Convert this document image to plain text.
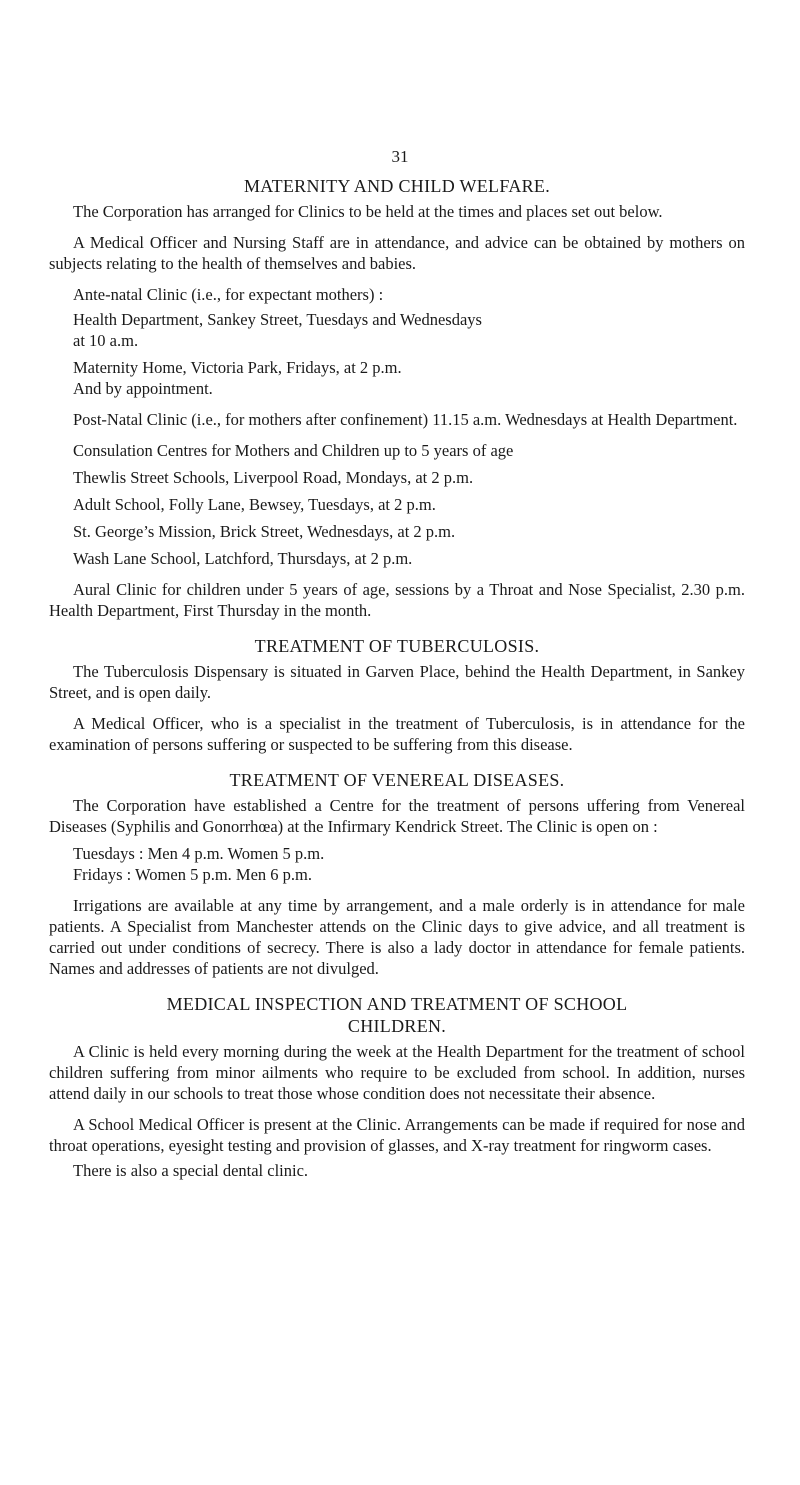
31
MATERNITY AND CHILD WELFARE.

The Corporation has arranged for Clinics to be held at the times and places set out below.

A Medical Officer and Nursing Staff are in attendance, and advice can be obtained by mothers on subjects relating to the health of themselves and babies.

Ante-natal Clinic (i.e., for expectant mothers) :

Health Department, Sankey Street, Tuesdays and Wednesdays
at 10 a.m.
Maternity Home, Victoria Park, Fridays, at 2 p.m.
And by appointment.

Post-Natal Clinic (i.e., for mothers after confinement) 11.15 a.m. Wednesdays at Health Department.

Consulation Centres for Mothers and Children up to 5 years of age

Thewlis Street Schools, Liverpool Road, Mondays, at 2 p.m.
Adult School, Folly Lane, Bewsey, Tuesdays, at 2 p.m.
St. George’s Mission, Brick Street, Wednesdays, at 2 p.m.
Wash Lane School, Latchford, Thursdays, at 2 p.m.

Aural Clinic for children under 5 years of age, sessions by a Throat and Nose Specialist, 2.30 p.m. Health Department, First Thursday in the month.

TREATMENT OF TUBERCULOSIS.

The Tuberculosis Dispensary is situated in Garven Place, behind the Health Department, in Sankey Street, and is open daily.

A Medical Officer, who is a specialist in the treatment of Tuberculosis, is in attendance for the examination of persons suffering or suspected to be suffering from this disease.

TREATMENT OF VENEREAL DISEASES.

The Corporation have established a Centre for the treatment of persons uffering from Venereal Diseases (Syphilis and Gonorrhœa) at the Infirmary Kendrick Street. The Clinic is open on :

Tuesdays : Men 4 p.m. Women 5 p.m.
Fridays : Women 5 p.m. Men 6 p.m.

Irrigations are available at any time by arrangement, and a male orderly is in attendance for male patients. A Specialist from Manchester attends on the Clinic days to give advice, and all treatment is carried out under conditions of secrecy. There is also a lady doctor in attendance for female patients. Names and addresses of patients are not divulged.

MEDICAL INSPECTION AND TREATMENT OF SCHOOL
CHILDREN.

A Clinic is held every morning during the week at the Health Department for the treatment of school children suffering from minor ailments who require to be excluded from school. In addition, nurses attend daily in our schools to treat those whose condition does not necessitate their absence.

A School Medical Officer is present at the Clinic. Arrangements can be made if required for nose and throat operations, eyesight testing and provision of glasses, and X-ray treatment for ringworm cases.

There is also a special dental clinic.
